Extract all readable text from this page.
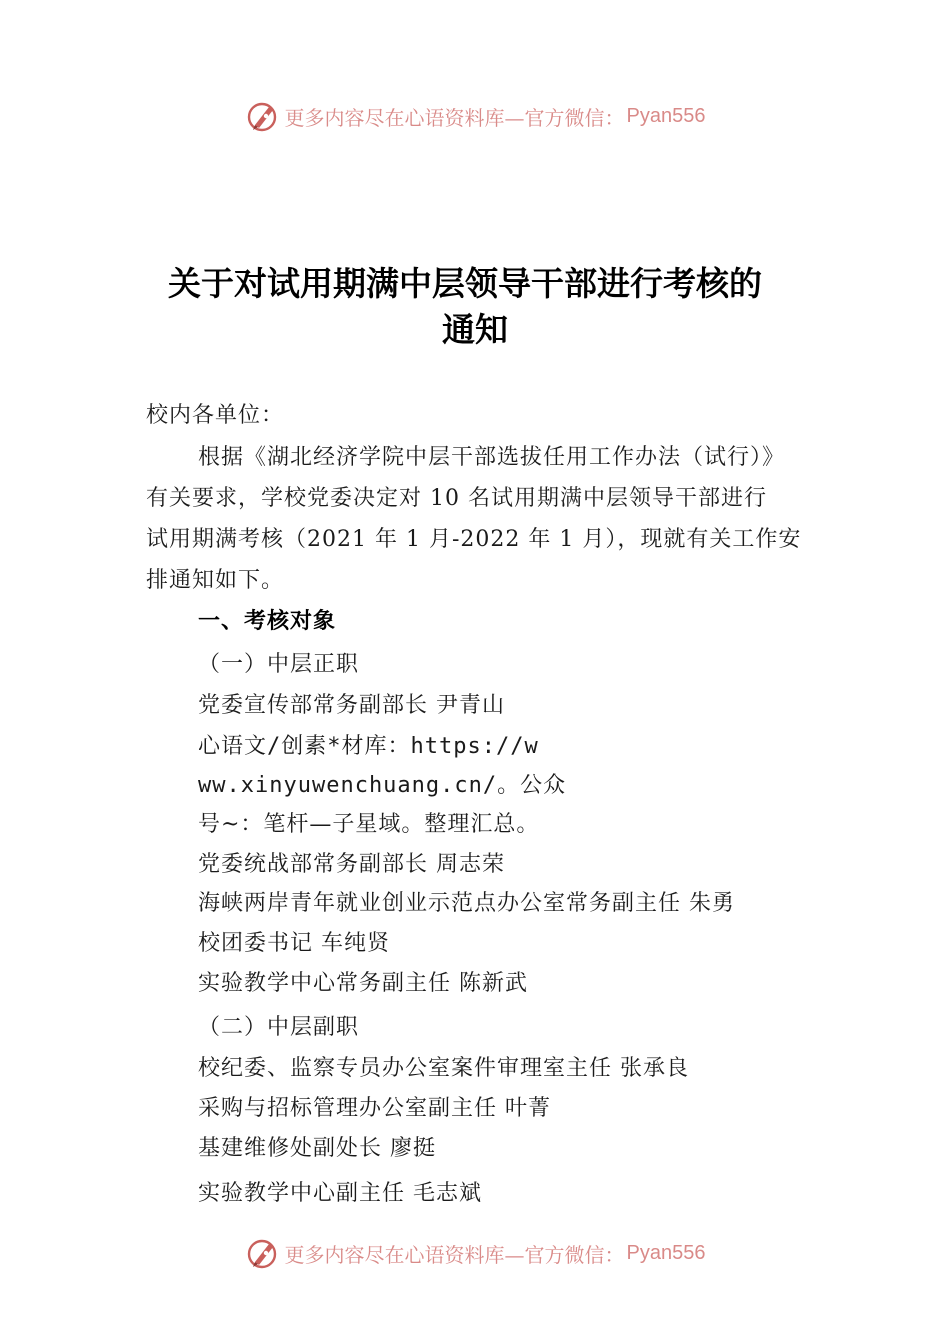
更多内容尽在心语资料库—官方微信： Pyan556
关于对试用期满中层领导干部进行考核的
通知
校内各单位：
根据《湖北经济学院中层干部选拔任用工作办法（试行）》
有关要求，学校党委决定对 10 名试用期满中层领导干部进行
试用期满考核（2021 年 1 月-2022 年 1 月），现就有关工作安
排通知如下。
一、考核对象
（一）中层正职
党委宣传部常务副部长 尹青山
心语文/创素*材库：https://w
ww.xinyuwenchuang.cn/。公众
号~：笔杆—子星域。整理汇总。
党委统战部常务副部长 周志荣
海峡两岸青年就业创业示范点办公室常务副主任 朱勇
校团委书记 车纯贤
实验教学中心常务副主任 陈新武
（二）中层副职
校纪委、监察专员办公室案件审理室主任 张承良
采购与招标管理办公室副主任 叶菁
基建维修处副处长 廖挺
实验教学中心副主任 毛志斌
更多内容尽在心语资料库—官方微信： Pyan556
